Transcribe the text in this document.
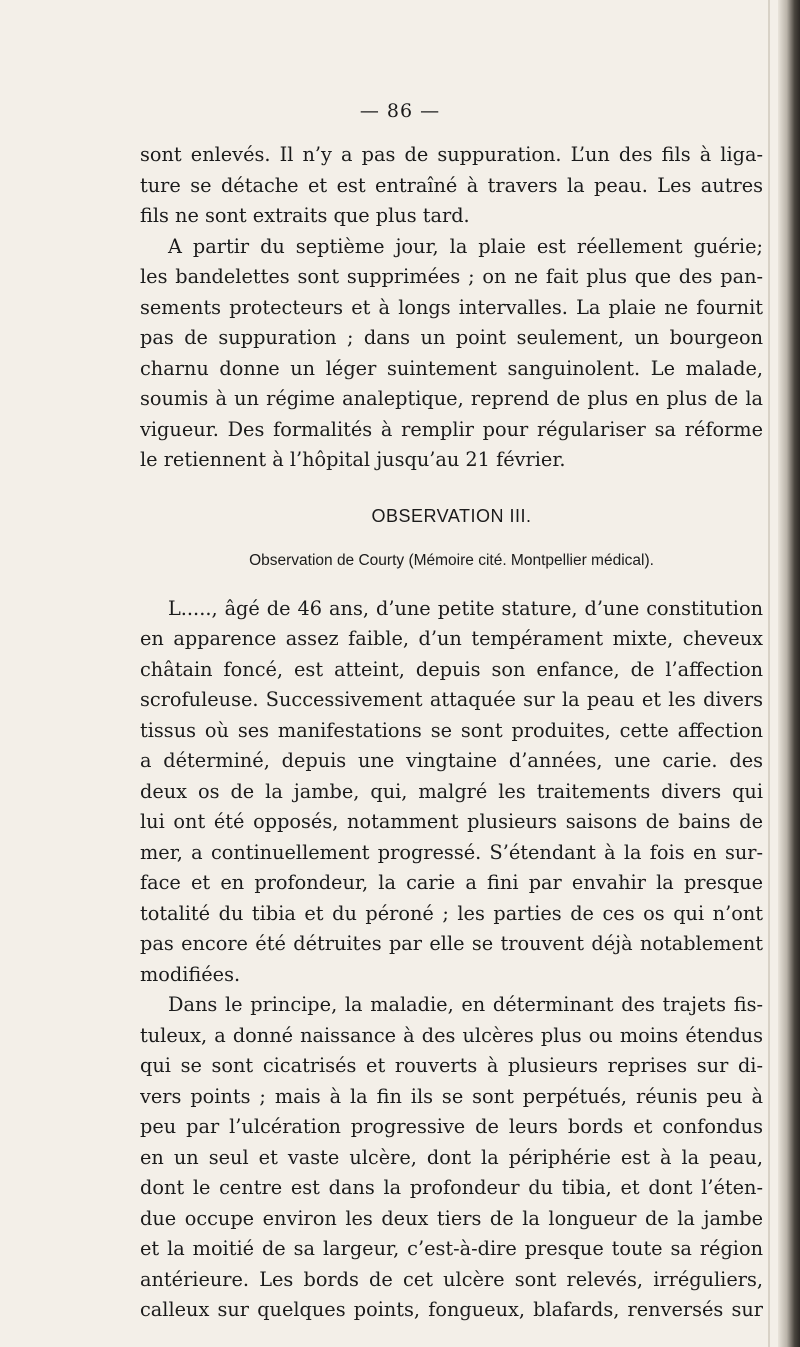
— 86 —
sont enlevés. Il n’y a pas de suppuration. L’un des fils à liga-
ture se détache et est entraîné à travers la peau. Les autres
fils ne sont extraits que plus tard.
A partir du septième jour, la plaie est réellement guérie;
les bandelettes sont supprimées ; on ne fait plus que des pan-
sements protecteurs et à longs intervalles. La plaie ne fournit
pas de suppuration ; dans un point seulement, un bourgeon
charnu donne un léger suintement sanguinolent. Le malade,
soumis à un régime analeptique, reprend de plus en plus de la
vigueur. Des formalités à remplir pour régulariser sa réforme
le retiennent à l’hôpital jusqu’au 21 février.
OBSERVATION III.
Observation de Courty (Mémoire cité. Montpellier médical).
L....., âgé de 46 ans, d’une petite stature, d’une constitution
en apparence assez faible, d’un tempérament mixte, cheveux
châtain foncé, est atteint, depuis son enfance, de l’affection
scrofuleuse. Successivement attaquée sur la peau et les divers
tissus où ses manifestations se sont produites, cette affection
a déterminé, depuis une vingtaine d’années, une carie. des
deux os de la jambe, qui, malgré les traitements divers qui
lui ont été opposés, notamment plusieurs saisons de bains de
mer, a continuellement progressé. S’étendant à la fois en sur-
face et en profondeur, la carie a fini par envahir la presque
totalité du tibia et du péroné ; les parties de ces os qui n’ont
pas encore été détruites par elle se trouvent déjà notablement
modifiées.
Dans le principe, la maladie, en déterminant des trajets fis-
tuleux, a donné naissance à des ulcères plus ou moins étendus
qui se sont cicatrisés et rouverts à plusieurs reprises sur di-
vers points ; mais à la fin ils se sont perpétués, réunis peu à
peu par l’ulcération progressive de leurs bords et confondus
en un seul et vaste ulcère, dont la périphérie est à la peau,
dont le centre est dans la profondeur du tibia, et dont l’éten-
due occupe environ les deux tiers de la longueur de la jambe
et la moitié de sa largeur, c’est-à-dire presque toute sa région
antérieure. Les bords de cet ulcère sont relevés, irréguliers,
calleux sur quelques points, fongueux, blafards, renversés sur
